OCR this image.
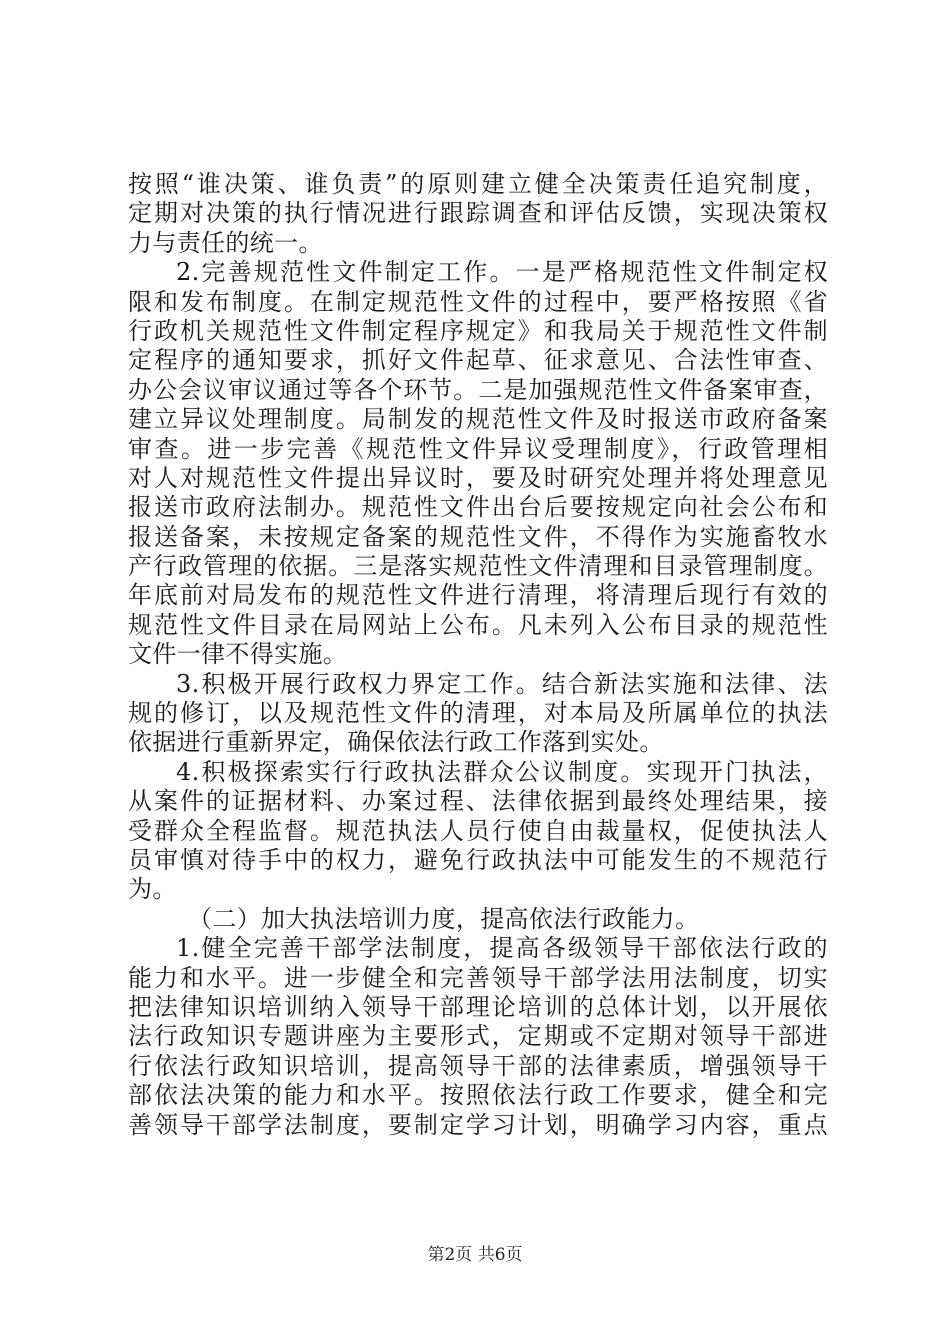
按照“谁决策、谁负责”的原则建立健全决策责任追究制度，
定期对决策的执行情况进行跟踪调查和评估反馈，实现决策权
力与责任的统一。
2.完善规范性文件制定工作。一是严格规范性文件制定权
限和发布制度。在制定规范性文件的过程中，要严格按照《省
行政机关规范性文件制定程序规定》和我局关于规范性文件制
定程序的通知要求，抓好文件起草、征求意见、合法性审查、
办公会议审议通过等各个环节。二是加强规范性文件备案审查，
建立异议处理制度。局制发的规范性文件及时报送市政府备案
审查。进一步完善《规范性文件异议受理制度》，行政管理相
对人对规范性文件提出异议时，要及时研究处理并将处理意见
报送市政府法制办。规范性文件出台后要按规定向社会公布和
报送备案，未按规定备案的规范性文件，不得作为实施畜牧水
产行政管理的依据。三是落实规范性文件清理和目录管理制度。
年底前对局发布的规范性文件进行清理，将清理后现行有效的
规范性文件目录在局网站上公布。凡未列入公布目录的规范性
文件一律不得实施。
3.积极开展行政权力界定工作。结合新法实施和法律、法
规的修订，以及规范性文件的清理，对本局及所属单位的执法
依据进行重新界定，确保依法行政工作落到实处。
4.积极探索实行行政执法群众公议制度。实现开门执法，
从案件的证据材料、办案过程、法律依据到最终处理结果，接
受群众全程监督。规范执法人员行使自由裁量权，促使执法人
员审慎对待手中的权力，避免行政执法中可能发生的不规范行
为。
（二）加大执法培训力度，提高依法行政能力。
1.健全完善干部学法制度，提高各级领导干部依法行政的
能力和水平。进一步健全和完善领导干部学法用法制度，切实
把法律知识培训纳入领导干部理论培训的总体计划，以开展依
法行政知识专题讲座为主要形式，定期或不定期对领导干部进
行依法行政知识培训，提高领导干部的法律素质，增强领导干
部依法决策的能力和水平。按照依法行政工作要求，健全和完
善领导干部学法制度，要制定学习计划，明确学习内容，重点
第2页 共6页
